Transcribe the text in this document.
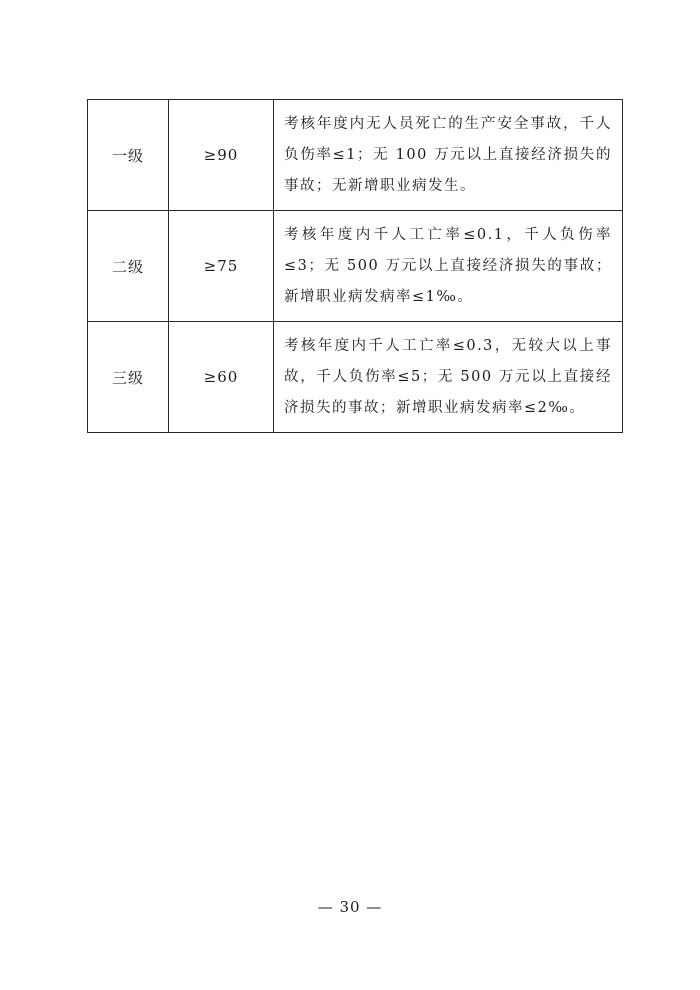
一级	≥90	考核年度内无人员死亡的生产安全事故，千人负伤率≤1；无 100 万元以上直接经济损失的事故；无新增职业病发生。
二级	≥75	考核年度内千人工亡率≤0.1，千人负伤率≤3；无 500 万元以上直接经济损失的事故；新增职业病发病率≤1‰。
三级	≥60	考核年度内千人工亡率≤0.3，无较大以上事故，千人负伤率≤5；无 500 万元以上直接经济损失的事故；新增职业病发病率≤2‰。
— 30 —
